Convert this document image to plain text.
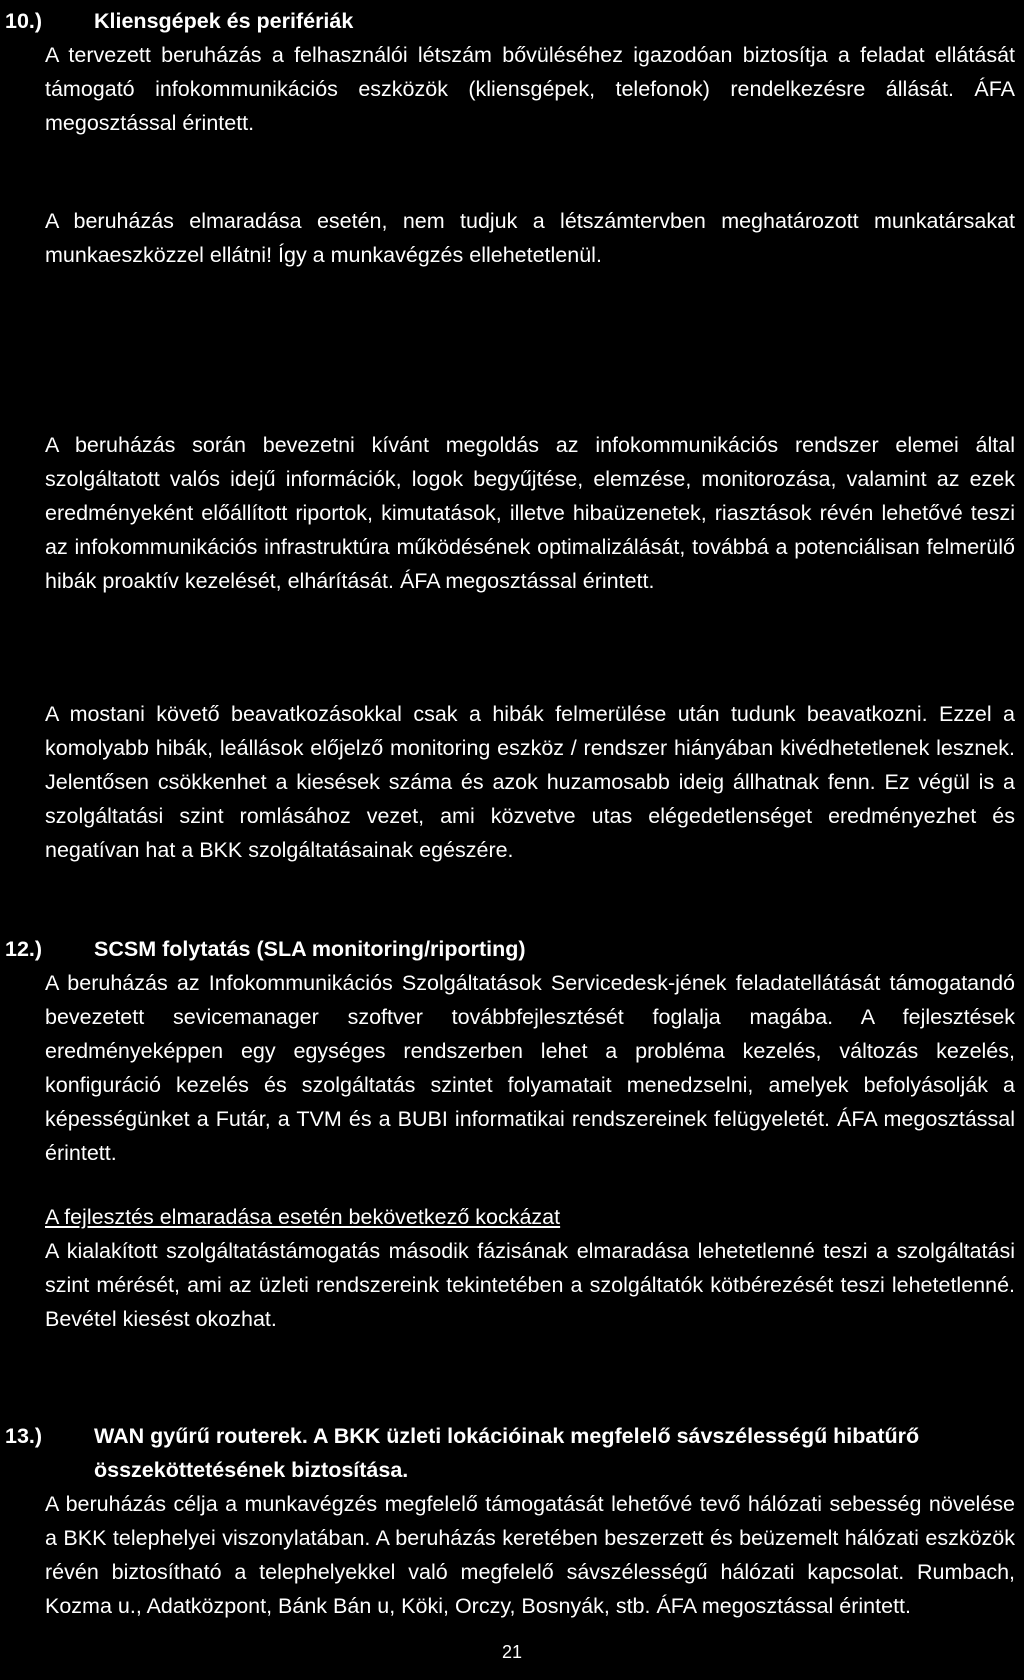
10.)	Kliensgépek és perifériák

A tervezett beruházás a felhasználói létszám bővüléséhez igazodóan biztosítja a feladat ellátását támogató infokommunikációs eszközök (kliensgépek, telefonok) rendelkezésre állását. ÁFA megosztással érintett.

A beruházás elmaradása esetén, nem tudjuk a létszámtervben meghatározott munkatársakat munkaeszközzel ellátni! Így a munkavégzés ellehetetlenül.

A beruházás során bevezetni kívánt megoldás az infokommunikációs rendszer elemei által szolgáltatott valós idejű információk, logok begyűjtése, elemzése, monitorozása, valamint az ezek eredményeként előállított riportok, kimutatások, illetve hibaüzenetek, riasztások révén lehetővé teszi az infokommunikációs infrastruktúra működésének optimalizálását, továbbá a potenciálisan felmerülő hibák proaktív kezelését, elhárítását. ÁFA megosztással érintett.

A mostani követő beavatkozásokkal csak a hibák felmerülése után tudunk beavatkozni. Ezzel a komolyabb hibák, leállások előjelző monitoring eszköz / rendszer hiányában kivédhetetlenek lesznek. Jelentősen csökkenhet a kiesések száma és azok huzamosabb ideig állhatnak fenn. Ez végül is a szolgáltatási szint romlásához vezet, ami közvetve utas elégedetlenséget eredményezhet és negatívan hat a BKK szolgáltatásainak egészére.

12.)	SCSM folytatás (SLA monitoring/riporting)

A beruházás az Infokommunikációs Szolgáltatások Servicedesk-jének feladatellátását támogatandó bevezetett sevicemanager szoftver továbbfejlesztését foglalja magába. A fejlesztések eredményeképpen egy egységes rendszerben lehet a probléma kezelés, változás kezelés, konfiguráció kezelés és szolgáltatás szintet folyamatait menedzselni, amelyek befolyásolják a képességünket a Futár, a TVM és a BUBI informatikai rendszereinek felügyeletét. ÁFA megosztással érintett.

A fejlesztés elmaradása esetén bekövetkező kockázat

A kialakított szolgáltatástámogatás második fázisának elmaradása lehetetlenné teszi a szolgáltatási szint mérését, ami az üzleti rendszereink tekintetében a szolgáltatók kötbérezését teszi lehetetlenné. Bevétel kiesést okozhat.

13.)	WAN gyűrű routerek. A BKK üzleti lokációinak megfelelő sávszélességű hibatűrő összeköttetésének biztosítása.

A beruházás célja a munkavégzés megfelelő támogatását lehetővé tevő hálózati sebesség növelése a BKK telephelyei viszonylatában. A beruházás keretében beszerzett és beüzemelt hálózati eszközök révén biztosítható a telephelyekkel való megfelelő sávszélességű hálózati kapcsolat. Rumbach, Kozma u., Adatközpont, Bánk Bán u, Köki, Orczy, Bosnyák, stb. ÁFA megosztással érintett.

21
